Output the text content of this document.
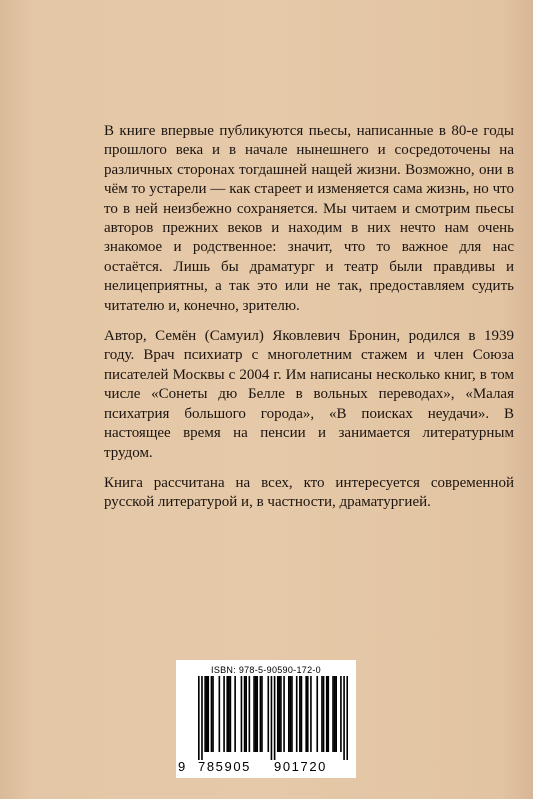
В книге впервые публикуются пьесы, написанные в 80-е годы прошлого века и в начале нынешнего и сосредоточены на различных сторонах тогдашней нащей жизни. Возможно, они в чём то устарели — как стареет и изменяется сама жизнь, но что то в ней неизбежно сохраняется. Мы читаем и смотрим пьесы авторов прежних веков и находим в них нечто нам очень знакомое и родственное: значит, что то важное для нас остаётся. Лишь бы драматург и театр были правдивы и нелицеприятны, а так это или не так, предоставляем судить читателю и, конечно, зрителю.

Автор, Семён (Самуил) Яковлевич Бронин, родился в 1939 году. Врач психиатр с многолетним стажем и член Союза писателей Москвы с 2004 г. Им написаны несколько книг, в том числе «Сонеты дю Белле в вольных переводах», «Малая психатрия большого города», «В поисках неудачи». В настоящее время на пенсии и занимается литературным трудом.

Книга рассчитана на всех, кто интересуется современной русской литературой и, в частности, драматургией.

ISBN: 978-5-90590-172-0
9 785905 901720
